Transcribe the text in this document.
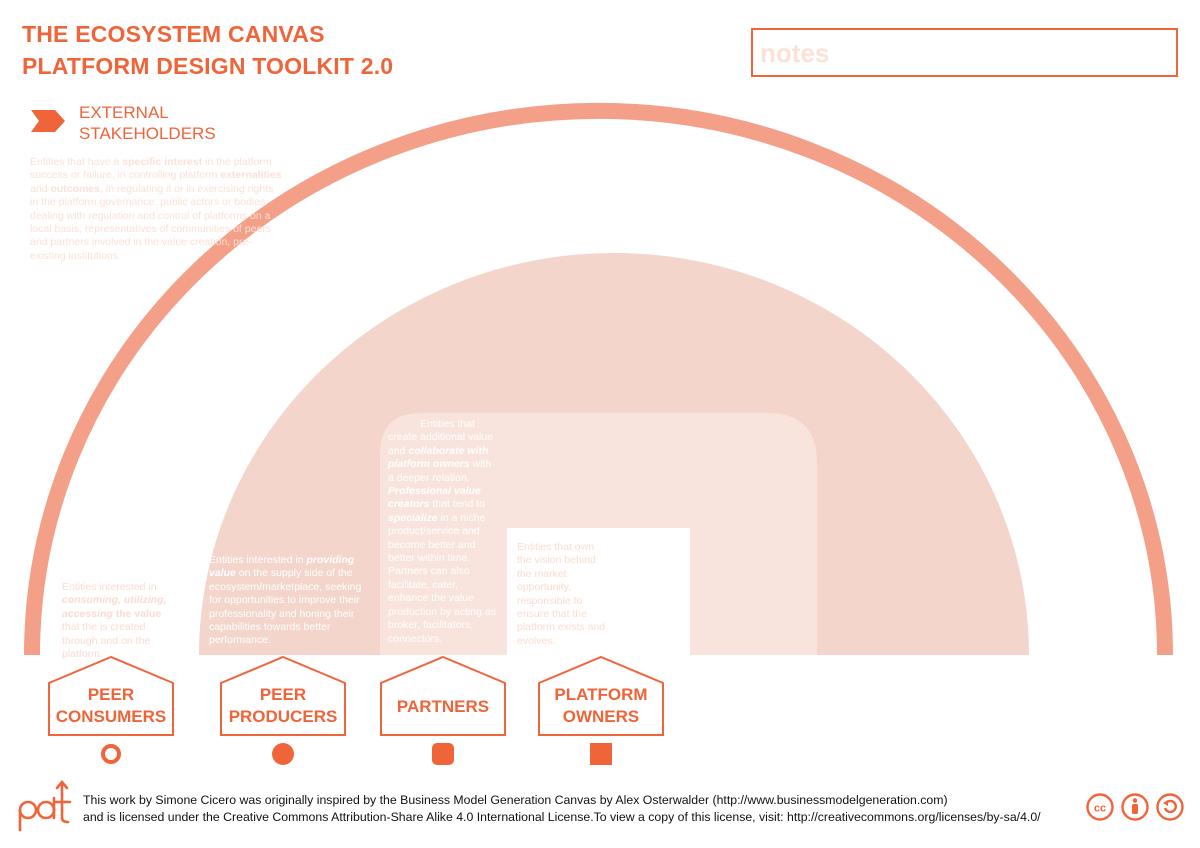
THE ECOSYSTEM CANVAS
PLATFORM DESIGN TOOLKIT 2.0	notes
EXTERNAL
STAKEHOLDERS
Entities that have a specific interest in the platform success or failure, in controlling platform externalities and outcomes, in regulating it or in exercising rights in the platform governance: public actors or bodies dealing with regulation and control of platforms on a local basis, representatives of communities of peers and partners involved in the value creation, pre-existing institutions.
Entities interested in consuming, utilizing, accessing the value that the is created through and on the platform.
Entities interested in providing value on the supply side of the ecosystem/marketplace, seeking for opportunities to improve their professionality and honing their capabilities towards better performance.
Entities that create additional value and collaborate with platform owners with a deeper relation. Professional value creators that tend to specialize in a niche product/service and become better and better within time. Partners can also facilitate, cater, enhance the value production by acting as broker, facilitators, connectors.
Entities that own the vision behind the market opportunity, responsible to ensure that the platform exists and evolves.
PEER
CONSUMERS
PEER
PRODUCERS
PARTNERS
PLATFORM
OWNERS
This work by Simone Cicero was originally inspired by the Business Model Generation Canvas by Alex Osterwalder (http://www.businessmodelgeneration.com)
and is licensed under the Creative Commons Attribution-Share Alike 4.0 International License.To view a copy of this license, visit: http://creativecommons.org/licenses/by-sa/4.0/
cc
